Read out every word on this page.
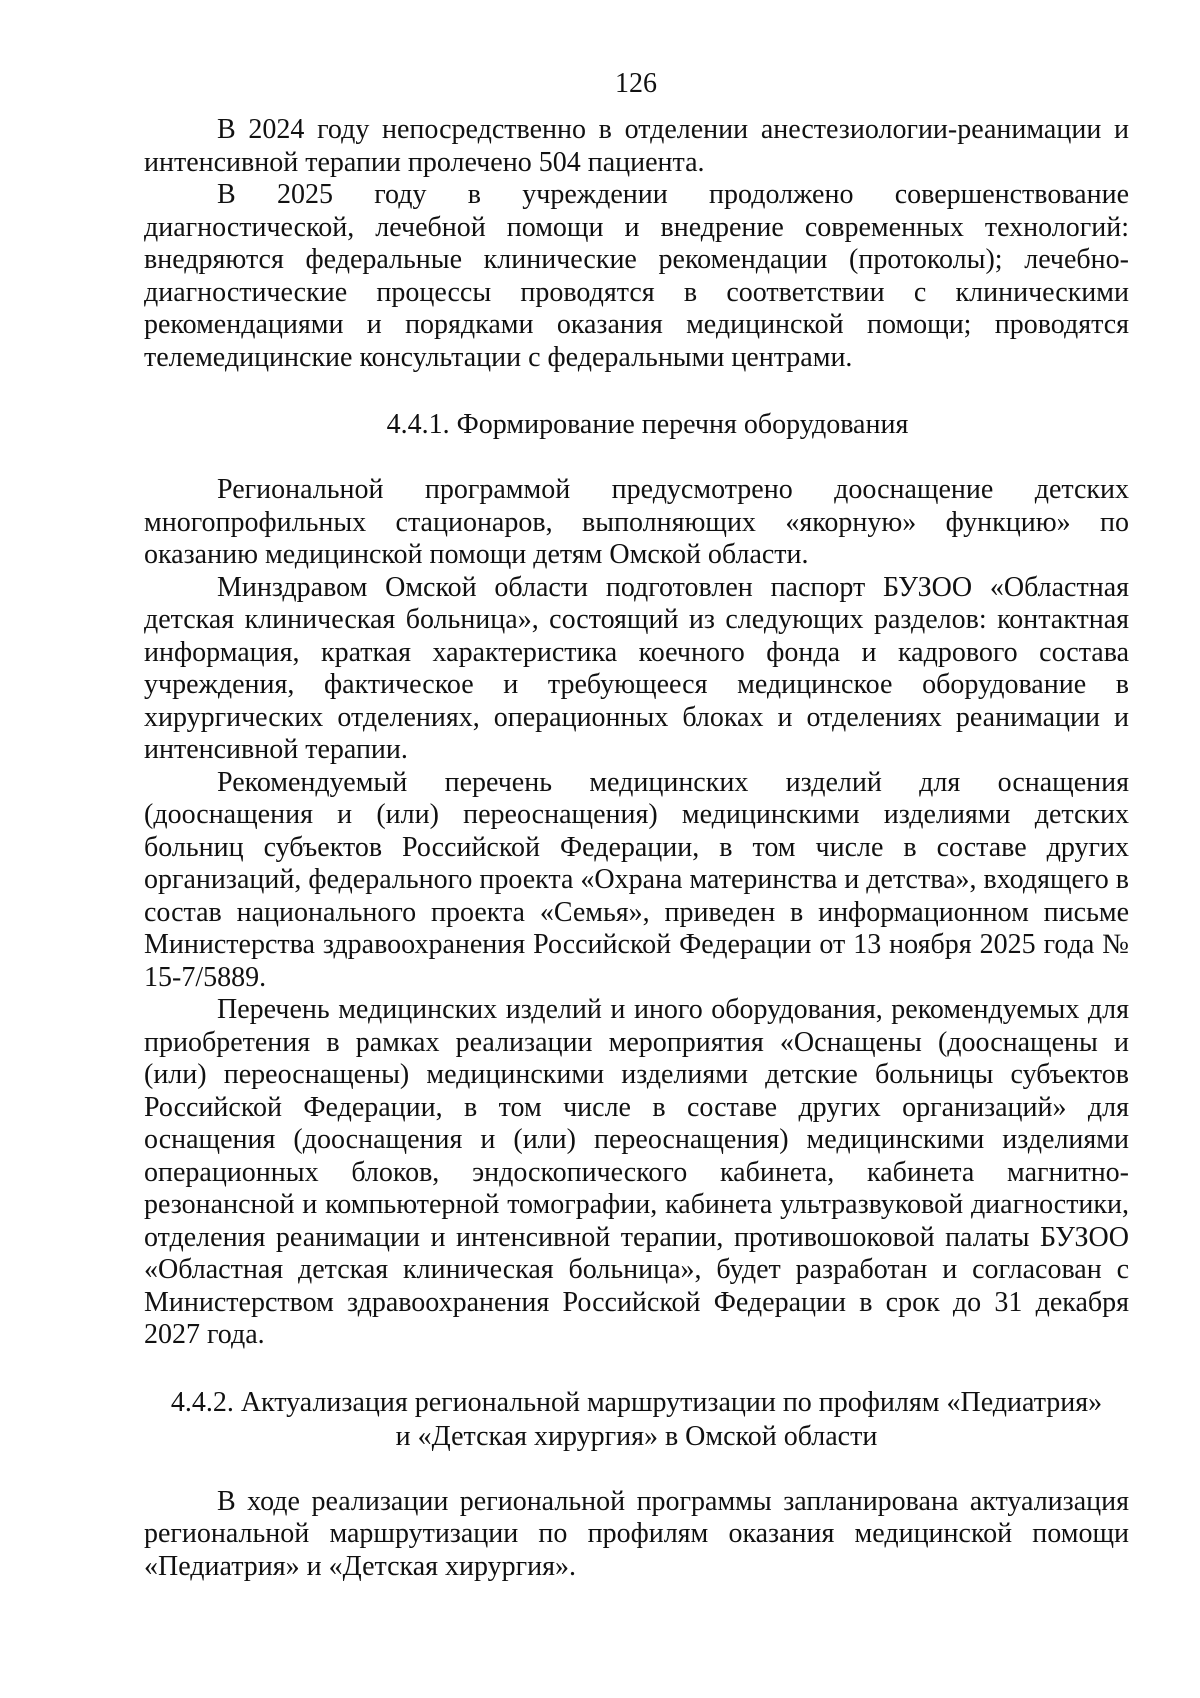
126

В 2024 году непосредственно в отделении анестезиологии-реанимации и интенсивной терапии пролечено 504 пациента.

В 2025 году в учреждении продолжено совершенствование диагностической, лечебной помощи и внедрение современных технологий: внедряются федеральные клинические рекомендации (протоколы); лечебно-диагностические процессы проводятся в соответствии с клиническими рекомендациями и порядками оказания медицинской помощи; проводятся телемедицинские консультации с федеральными центрами.

4.4.1. Формирование перечня оборудования

Региональной программой предусмотрено дооснащение детских многопрофильных стационаров, выполняющих «якорную» функцию» по оказанию медицинской помощи детям Омской области.

Минздравом Омской области подготовлен паспорт БУЗОО «Областная детская клиническая больница», состоящий из следующих разделов: контактная информация, краткая характеристика коечного фонда и кадрового состава учреждения, фактическое и требующееся медицинское оборудование в хирургических отделениях, операционных блоках и отделениях реанимации и интенсивной терапии.

Рекомендуемый перечень медицинских изделий для оснащения (дооснащения и (или) переоснащения) медицинскими изделиями детских больниц субъектов Российской Федерации, в том числе в составе других организаций, федерального проекта «Охрана материнства и детства», входящего в состав национального проекта «Семья», приведен в информационном письме Министерства здравоохранения Российской Федерации от 13 ноября 2025 года № 15-7/5889.

Перечень медицинских изделий и иного оборудования, рекомендуемых для приобретения в рамках реализации мероприятия «Оснащены (дооснащены и (или) переоснащены) медицинскими изделиями детские больницы субъектов Российской Федерации, в том числе в составе других организаций» для оснащения (дооснащения и (или) переоснащения) медицинскими изделиями операционных блоков, эндоскопического кабинета, кабинета магнитно-резонансной и компьютерной томографии, кабинета ультразвуковой диагностики, отделения реанимации и интенсивной терапии, противошоковой палаты БУЗОО «Областная детская клиническая больница», будет разработан и согласован с Министерством здравоохранения Российской Федерации в срок до 31 декабря 2027 года.

4.4.2. Актуализация региональной маршрутизации по профилям «Педиатрия»
и «Детская хирургия» в Омской области

В ходе реализации региональной программы запланирована актуализация региональной маршрутизации по профилям оказания медицинской помощи «Педиатрия» и «Детская хирургия».
